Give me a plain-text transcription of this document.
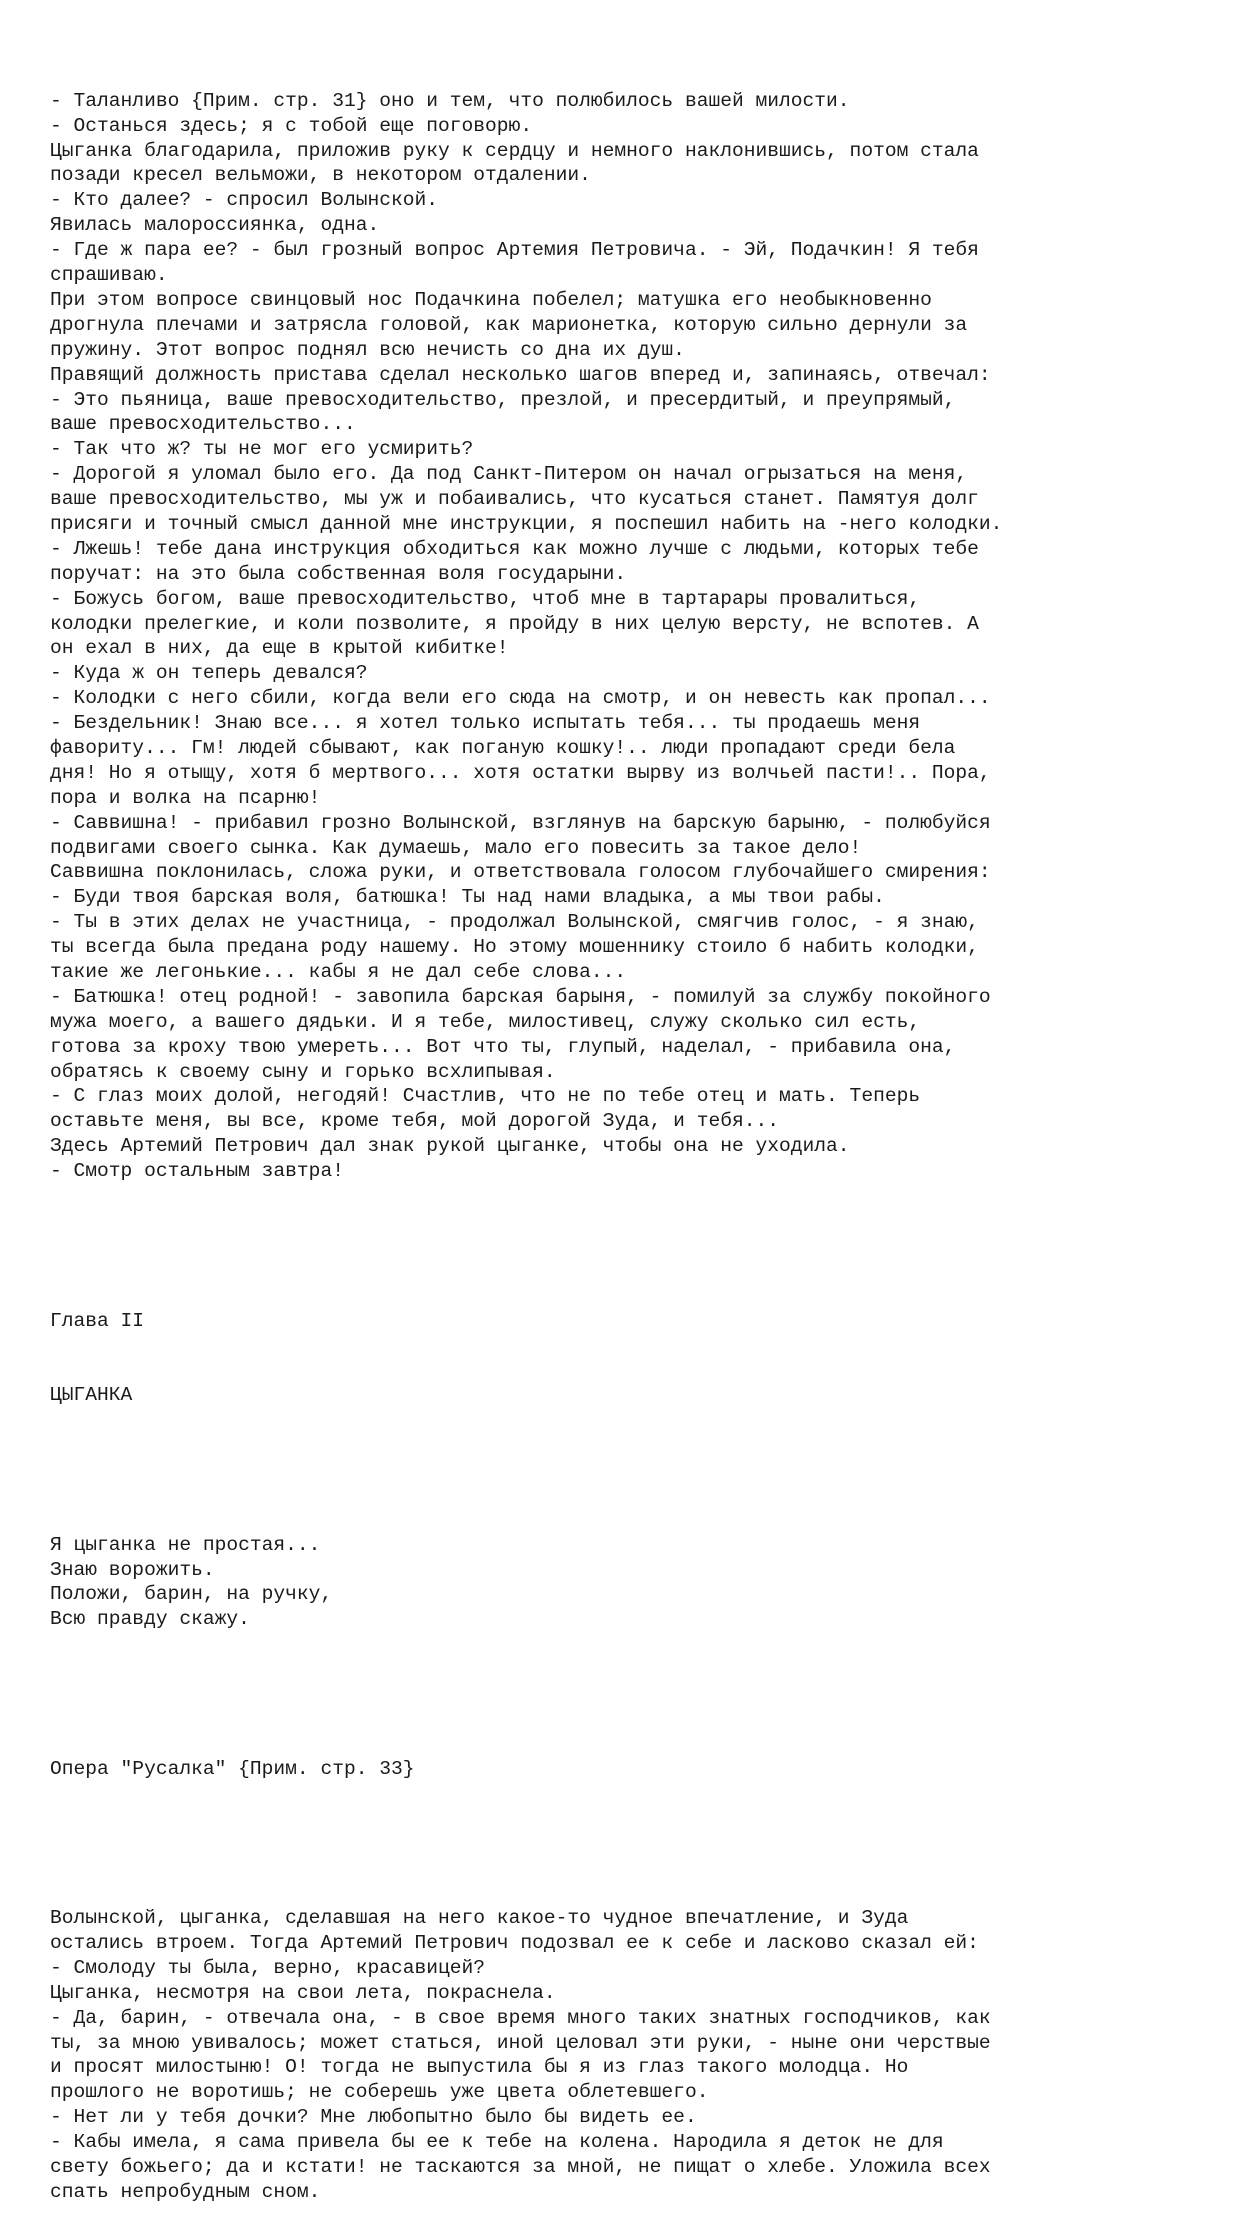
- Таланливо {Прим. стр. 31} оно и тем, что полюбилось вашей милости.
- Останься здесь; я с тобой еще поговорю.
Цыганка благодарила, приложив руку к сердцу и немного наклонившись, потом стала
позади кресел вельможи, в некотором отдалении.
- Кто далее? - спросил Волынской.
Явилась малороссиянка, одна.
- Где ж пара ее? - был грозный вопрос Артемия Петровича. - Эй, Подачкин! Я тебя
спрашиваю.
При этом вопросе свинцовый нос Подачкина побелел; матушка его необыкновенно
дрогнула плечами и затрясла головой, как марионетка, которую сильно дернули за
пружину. Этот вопрос поднял всю нечисть со дна их душ.
Правящий должность пристава сделал несколько шагов вперед и, запинаясь, отвечал:
- Это пьяница, ваше превосходительство, презлой, и пресердитый, и преупрямый,
ваше превосходительство...
- Так что ж? ты не мог его усмирить?
- Дорогой я уломал было его. Да под Санкт-Питером он начал огрызаться на меня,
ваше превосходительство, мы уж и побаивались, что кусаться станет. Памятуя долг
присяги и точный смысл данной мне инструкции, я поспешил набить на -него колодки.
- Лжешь! тебе дана инструкция обходиться как можно лучше с людьми, которых тебе
поручат: на это была собственная воля государыни.
- Божусь богом, ваше превосходительство, чтоб мне в тартарары провалиться,
колодки прелегкие, и коли позволите, я пройду в них целую версту, не вспотев. А
он ехал в них, да еще в крытой кибитке!
- Куда ж он теперь девался?
- Колодки с него сбили, когда вели его сюда на смотр, и он невесть как пропал...
- Бездельник! Знаю все... я хотел только испытать тебя... ты продаешь меня
фавориту... Гм! людей сбывают, как поганую кошку!.. люди пропадают среди бела
дня! Но я отыщу, хотя б мертвого... хотя остатки вырву из волчьей пасти!.. Пора,
пора и волка на псарню!
- Саввишна! - прибавил грозно Волынской, взглянув на барскую барыню, - полюбуйся
подвигами своего сынка. Как думаешь, мало его повесить за такое дело!
Саввишна поклонилась, сложа руки, и ответствовала голосом глубочайшего смирения:
- Буди твоя барская воля, батюшка! Ты над нами владыка, а мы твои рабы.
- Ты в этих делах не участница, - продолжал Волынской, смягчив голос, - я знаю,
ты всегда была предана роду нашему. Но этому мошеннику стоило б набить колодки,
такие же легонькие... кабы я не дал себе слова...
- Батюшка! отец родной! - завопила барская барыня, - помилуй за службу покойного
мужа моего, а вашего дядьки. И я тебе, милостивец, служу сколько сил есть,
готова за кроху твою умереть... Вот что ты, глупый, наделал, - прибавила она,
обратясь к своему сыну и горько всхлипывая.
- С глаз моих долой, негодяй! Счастлив, что не по тебе отец и мать. Теперь
оставьте меня, вы все, кроме тебя, мой дорогой Зуда, и тебя...
Здесь Артемий Петрович дал знак рукой цыганке, чтобы она не уходила.
- Смотр остальным завтра!

Глава II

ЦЫГАНКА

Я цыганка не простая...
Знаю ворожить.
Положи, барин, на ручку,
Всю правду скажу.

Опера "Русалка" {Прим. стр. 33}

Волынской, цыганка, сделавшая на него какое-то чудное впечатление, и Зуда
остались втроем. Тогда Артемий Петрович подозвал ее к себе и ласково сказал ей:
- Смолоду ты была, верно, красавицей?
Цыганка, несмотря на свои лета, покраснела.
- Да, барин, - отвечала она, - в свое время много таких знатных господчиков, как
ты, за мною увивалось; может статься, иной целовал эти руки, - ныне они черствые
и просят милостыню! О! тогда не выпустила бы я из глаз такого молодца. Но
прошлого не воротишь; не соберешь уже цвета облетевшего.
- Нет ли у тебя дочки? Мне любопытно было бы видеть ее.
- Кабы имела, я сама привела бы ее к тебе на колена. Народила я деток не для
свету божьего; да и кстати! не таскаются за мной, не пищат о хлебе. Уложила всех
спать непробудным сном.
